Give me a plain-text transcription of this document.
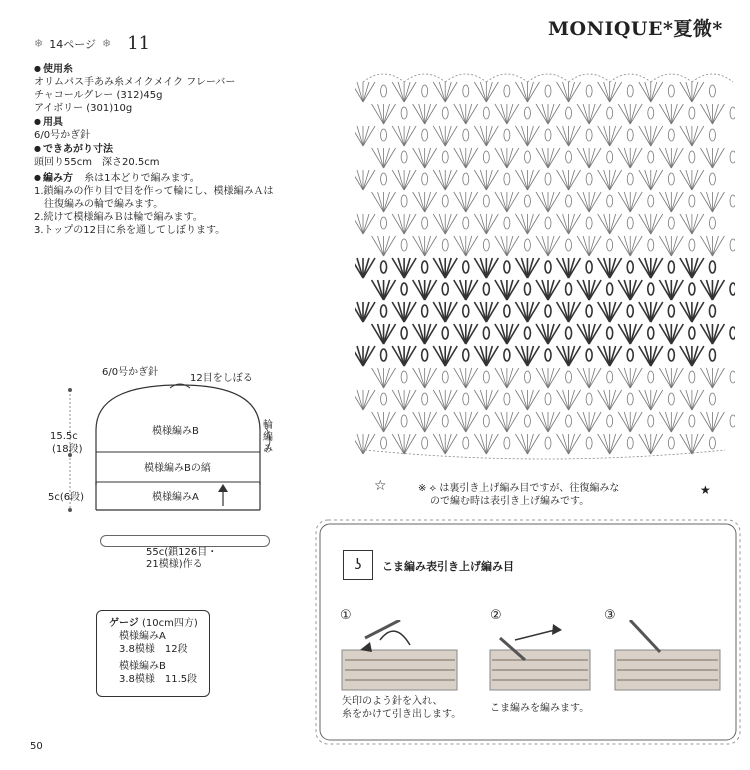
MONIQUE*夏微*
❄ 14ページ ❄ 11
● 使用糸
オリムパス手あみ糸メイクメイク フレーバー
チャコールグレー (312)45g
アイボリー (301)10g
● 用具
6/0号かぎ針
● できあがり寸法
頭回り55cm　深さ20.5cm
● 編み方 糸は1本どりで編みます。
1.鎖編みの作り目で目を作って輪にし、模様編みＡは
　往復編みの輪で編みます。
2.続けて模様編みＢは輪で編みます。
3.トップの12目に糸を通してしぼります。
6/0号かぎ針
12目をしぼる
模様編みB
模様編みBの縞
模様編みA
輪編み
15.5c
(18段)
5c(6段)
55c(鎖126目・
21模様)作る
ゲージ (10cm四方)
模様編みA
3.8模様　12段
模様編みB
3.8模様　11.5段
☆	★
※ ⟡ は裏引き上げ編み目ですが、往復編みな
ので編む時は表引き上げ編みです。
ʖ	こま編み表引き上げ編み目
①	②	③
矢印のよう針を入れ、
糸をかけて引き出します。
こま編みを編みます。
50
